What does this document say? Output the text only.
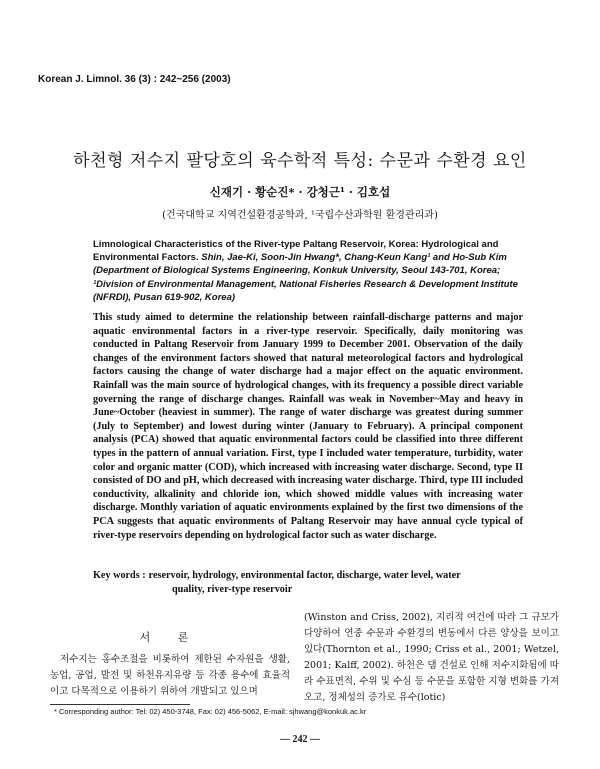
Korean J. Limnol. 36 (3) : 242~256 (2003)
하천형 저수지 팔당호의 육수학적 특성: 수문과 수환경 요인
신재기 · 황순진* · 강청근¹ · 김호섭
(건국대학교 지역건설환경공학과, ¹국립수산과학원 환경관리과)
Limnological Characteristics of the River-type Paltang Reservoir, Korea: Hydrological and Environmental Factors. Shin, Jae-Ki, Soon-Jin Hwang*, Chang-Keun Kang¹ and Ho-Sub Kim (Department of Biological Systems Engineering, Konkuk University, Seoul 143-701, Korea; ¹Division of Environmental Management, National Fisheries Research & Development Institute (NFRDI), Pusan 619-902, Korea)
This study aimed to determine the relationship between rainfall-discharge patterns and major aquatic environmental factors in a river-type reservoir. Specifically, daily monitoring was conducted in Paltang Reservoir from January 1999 to December 2001. Observation of the daily changes of the environment factors showed that natural meteorological factors and hydrological factors causing the change of water discharge had a major effect on the aquatic environment. Rainfall was the main source of hydrological changes, with its frequency a possible direct variable governing the range of discharge changes. Rainfall was weak in November~May and heavy in June~October (heaviest in summer). The range of water discharge was greatest during summer (July to September) and lowest during winter (January to February). A principal component analysis (PCA) showed that aquatic environmental factors could be classified into three different types in the pattern of annual variation. First, type I included water temperature, turbidity, water color and organic matter (COD), which increased with increasing water discharge. Second, type II consisted of DO and pH, which decreased with increasing water discharge. Third, type III included conductivity, alkalinity and chloride ion, which showed middle values with increasing water discharge. Monthly variation of aquatic environments explained by the first two dimensions of the PCA suggests that aquatic environments of Paltang Reservoir may have annual cycle typical of river-type reservoirs depending on hydrological factor such as water discharge.
Key words : reservoir, hydrology, environmental factor, discharge, water level, water
quality, river-type reservoir
서 론
저수지는 홍수조절을 비롯하여 제한된 수자원을 생활, 농업, 공업, 발전 및 하천유지유량 등 각종 용수에 효율적이고 다목적으로 이용하기 위하여 개발되고 있으며
(Winston and Criss, 2002), 지리적 여건에 따라 그 규모가 다양하여 연중 수문과 수환경의 변동에서 다른 양상을 보이고 있다(Thornton et al., 1990; Criss et al., 2001; Wetzel, 2001; Kalff, 2002). 하천은 댐 건설로 인해 저수지화됨에 따라 수표면적, 수위 및 수심 등 수문을 포함한 지형 변화를 가져오고, 정체성의 증가로 유수(lotic)
* Corresponding author: Tel: 02) 450-3748, Fax: 02) 456-5062, E-mail: sjhwang@konkuk.ac.kr
— 242 —
